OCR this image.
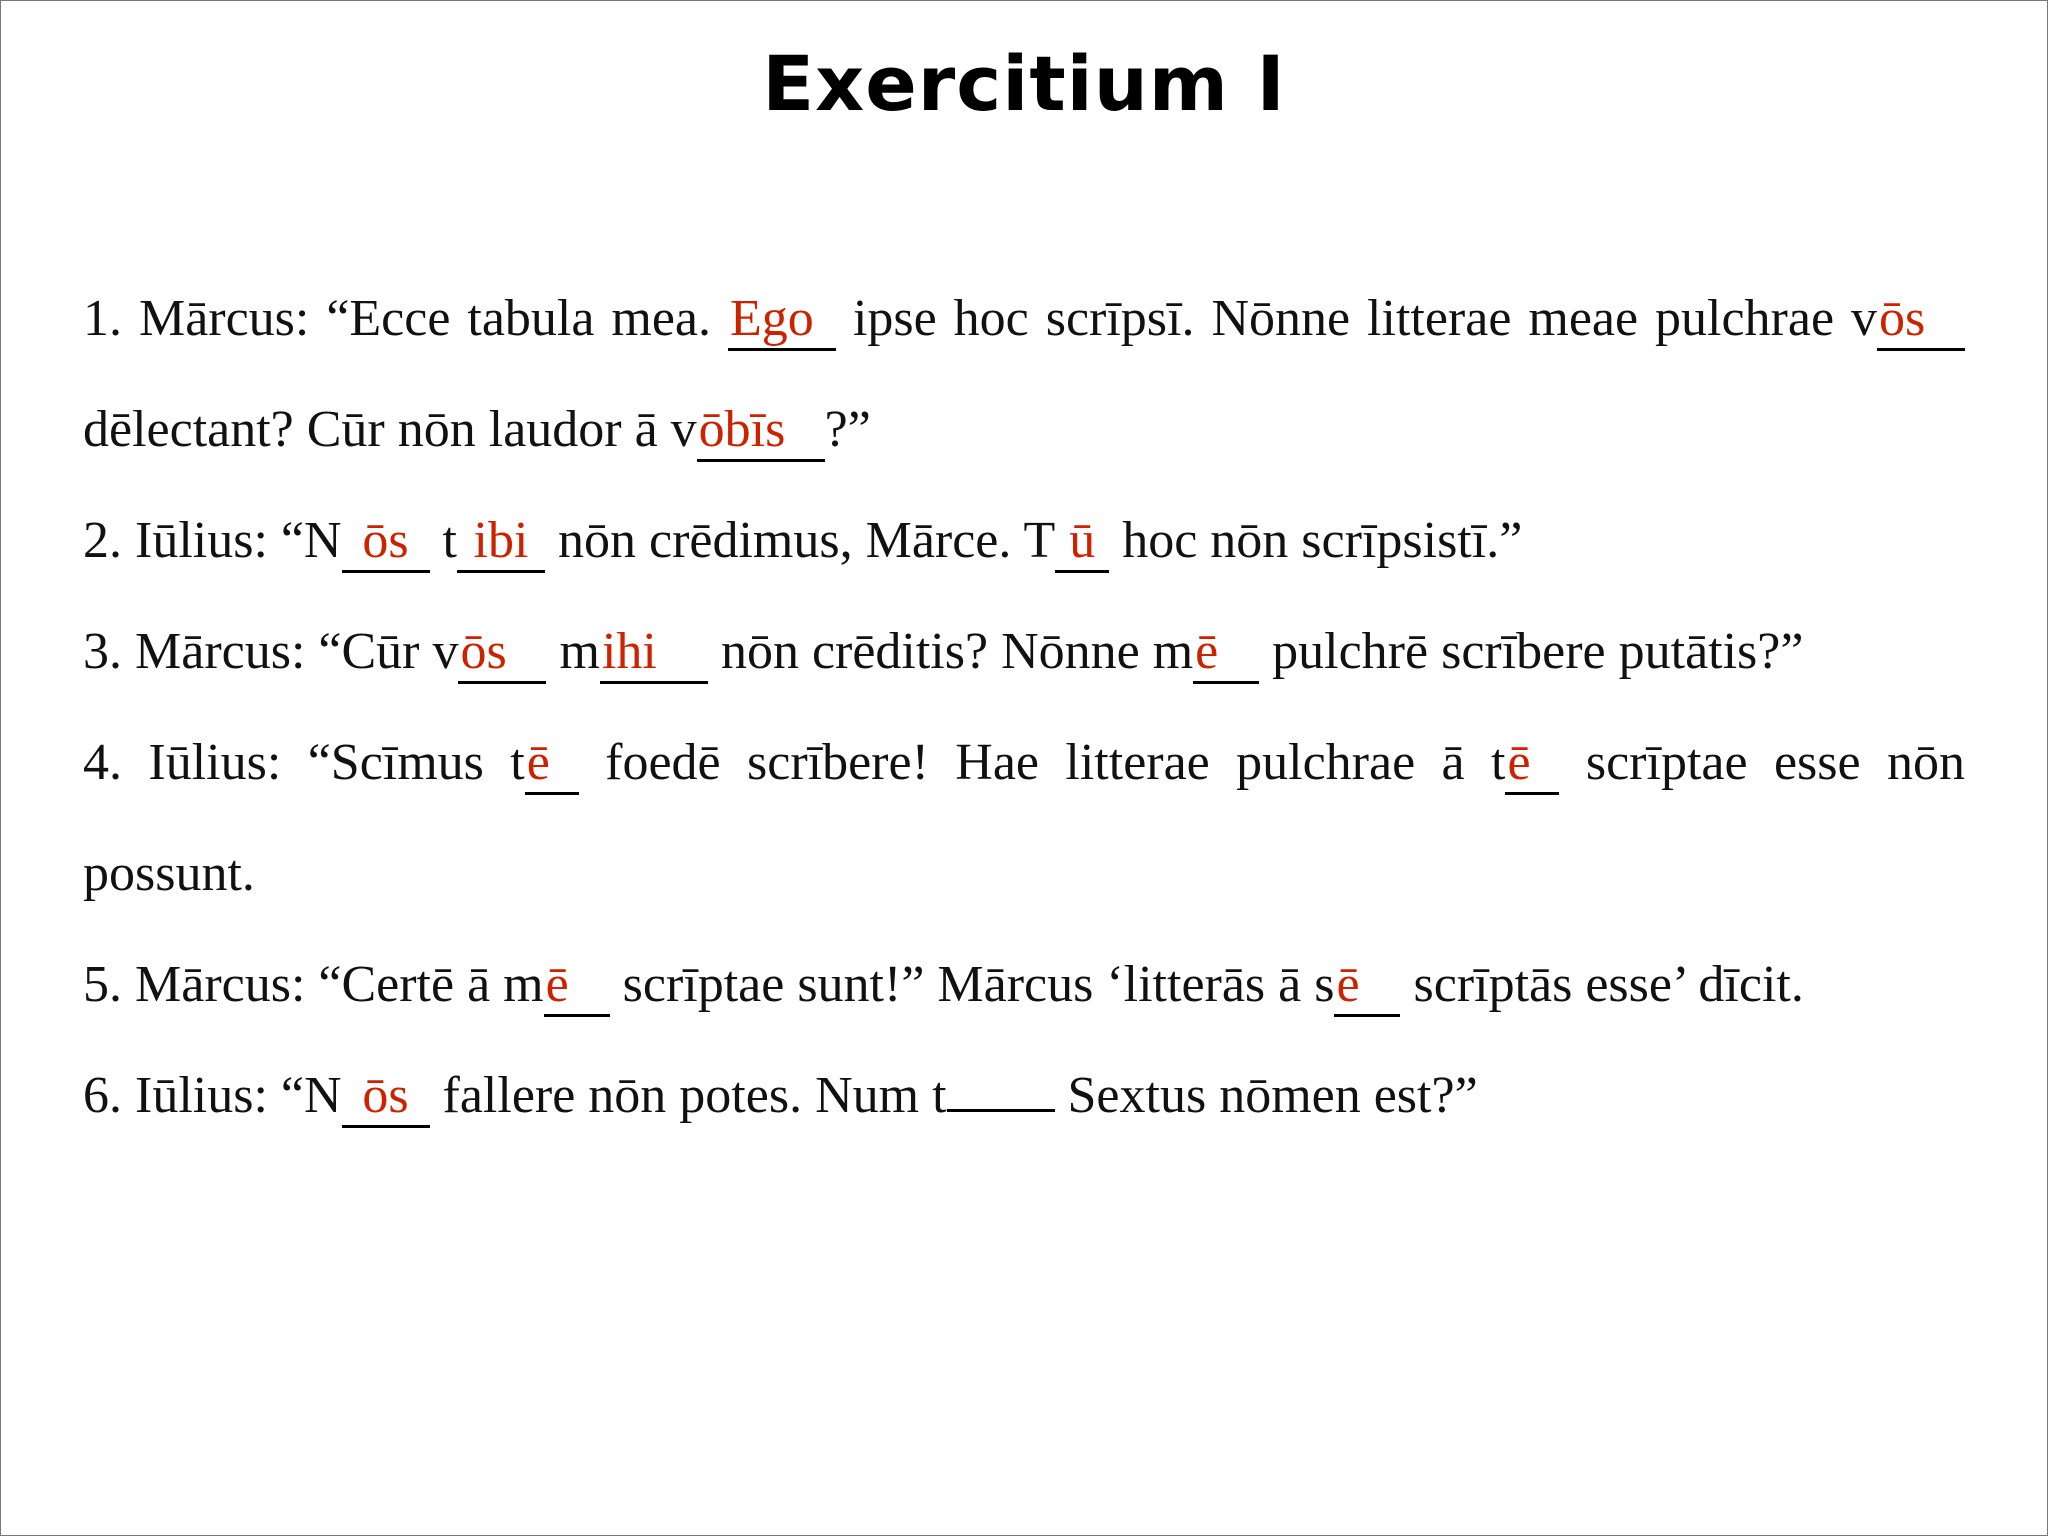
Exercitium I

1. Mārcus: “Ecce tabula mea. Ego ipse hoc scrīpsī. Nōnne litterae meae pulchrae vōs dēlectant? Cūr nōn laudor ā vōbīs ?”

2. Iūlius: “N ōs t ibi nōn crēdimus, Mārce. T ū hoc nōn scrīpsistī.”

3. Mārcus: “Cūr vōs mihi nōn crēditis? Nōnne mē pulchrē scrībere putātis?”

4. Iūlius: “Scīmus tē foedē scrībere! Hae litterae pulchrae ā tē scrīptae esse nōn possunt.

5. Mārcus: “Certē ā mē scrīptae sunt!” Mārcus ‘litterās ā sē scrīptās esse’ dīcit.

6. Iūlius: “N ōs fallere nōn potes. Num t Sextus nōmen est?”
